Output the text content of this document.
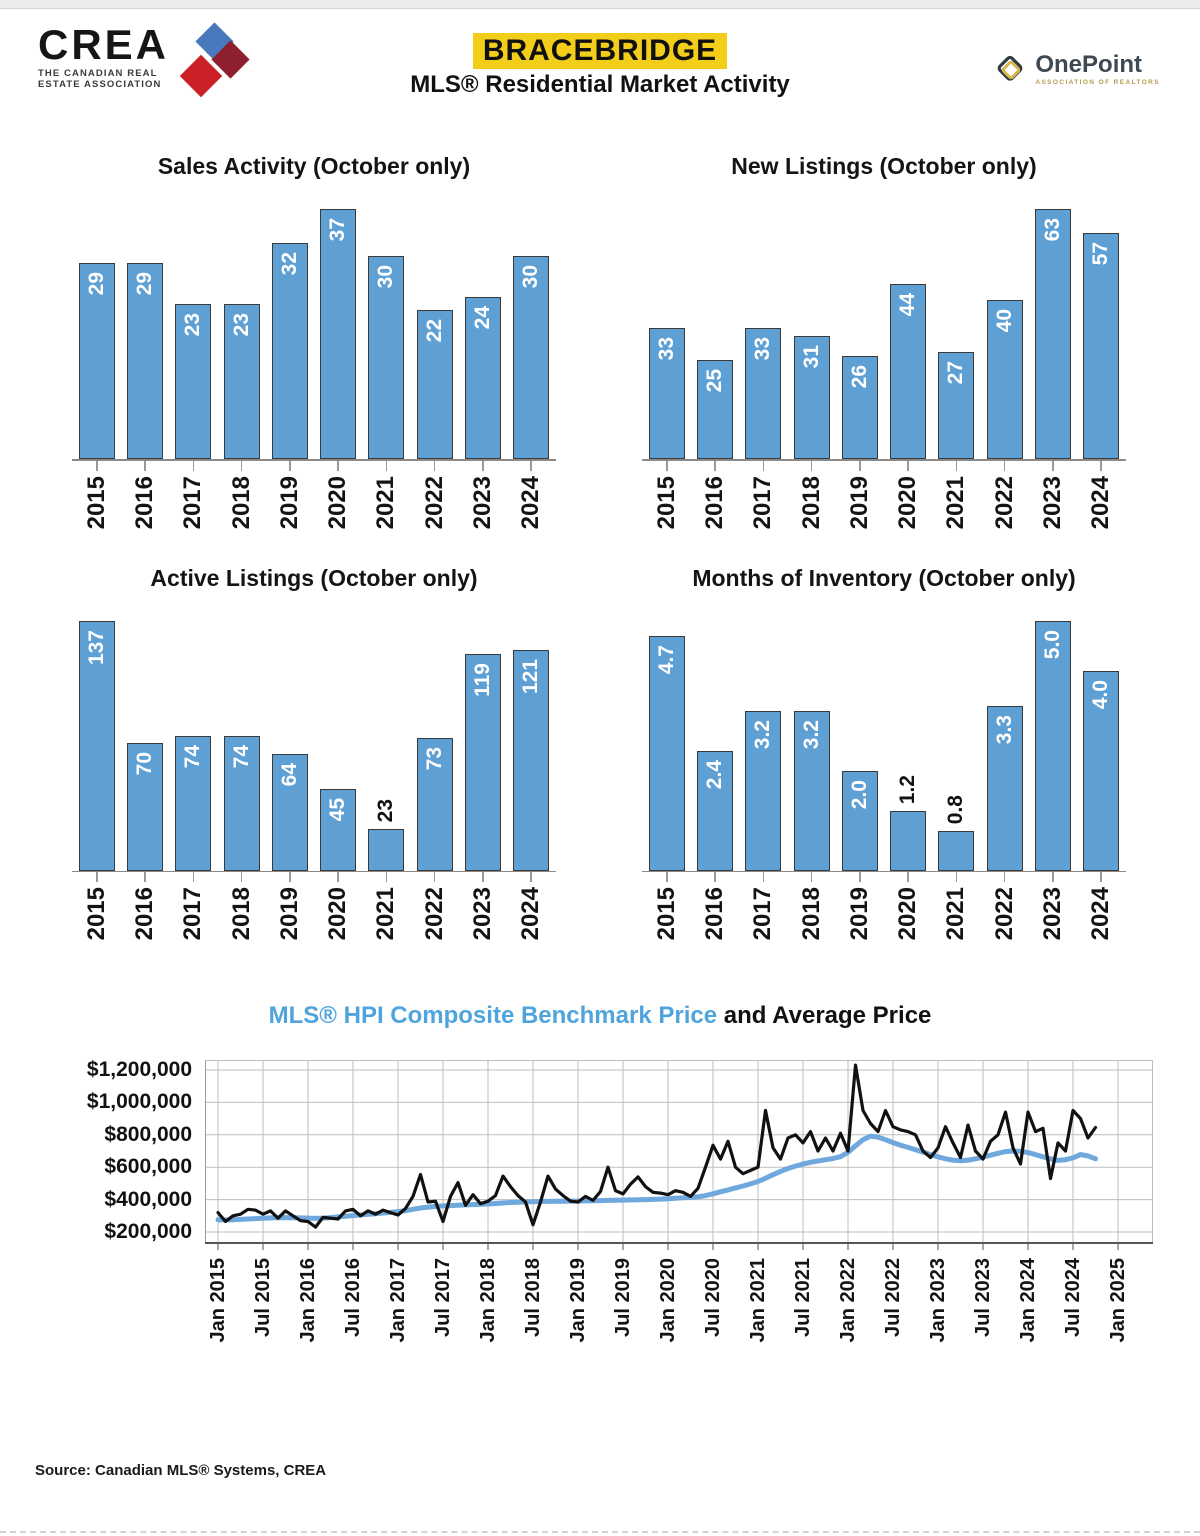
CREA
THE CANADIAN REAL
ESTATE ASSOCIATION
BRACEBRIDGE
MLS® Residential Market Activity
OnePoint
ASSOCIATION OF REALTORS
Sales Activity (October only)
29 29
23 23
32
37
30
22
24
30
2015 2016 2017 2018 2019 2020 2021 2022 2023 2024
New Listings (October only)
33
25
33 31
26
44
27
40
63
57
2015 2016 2017 2018 2019 2020 2021 2022 2023 2024
Active Listings (October only)
137
70 74 74
64
45 23
73
119 121
2015 2016 2017 2018 2019 2020 2021 2022 2023 2024
Months of Inventory (October only)
4.7
2.4
3.2 3.2
2.0 1.2
0.8
3.3
5.0
4.0
2015 2016 2017 2018 2019 2020 2021 2022 2023 2024
MLS® HPI Composite Benchmark Price and Average Price
$1,200,000
$1,000,000
$800,000
$600,000
$400,000
$200,000
Jan 2015 Jul 2015 Jan 2016 Jul 2016 Jan 2017 Jul 2017 Jan 2018 Jul 2018 Jan 2019 Jul 2019 Jan 2020 Jul 2020 Jan 2021 Jul 2021 Jan 2022 Jul 2022 Jan 2023 Jul 2023 Jan 2024 Jul 2024 Jan 2025
Source: Canadian MLS® Systems, CREA
